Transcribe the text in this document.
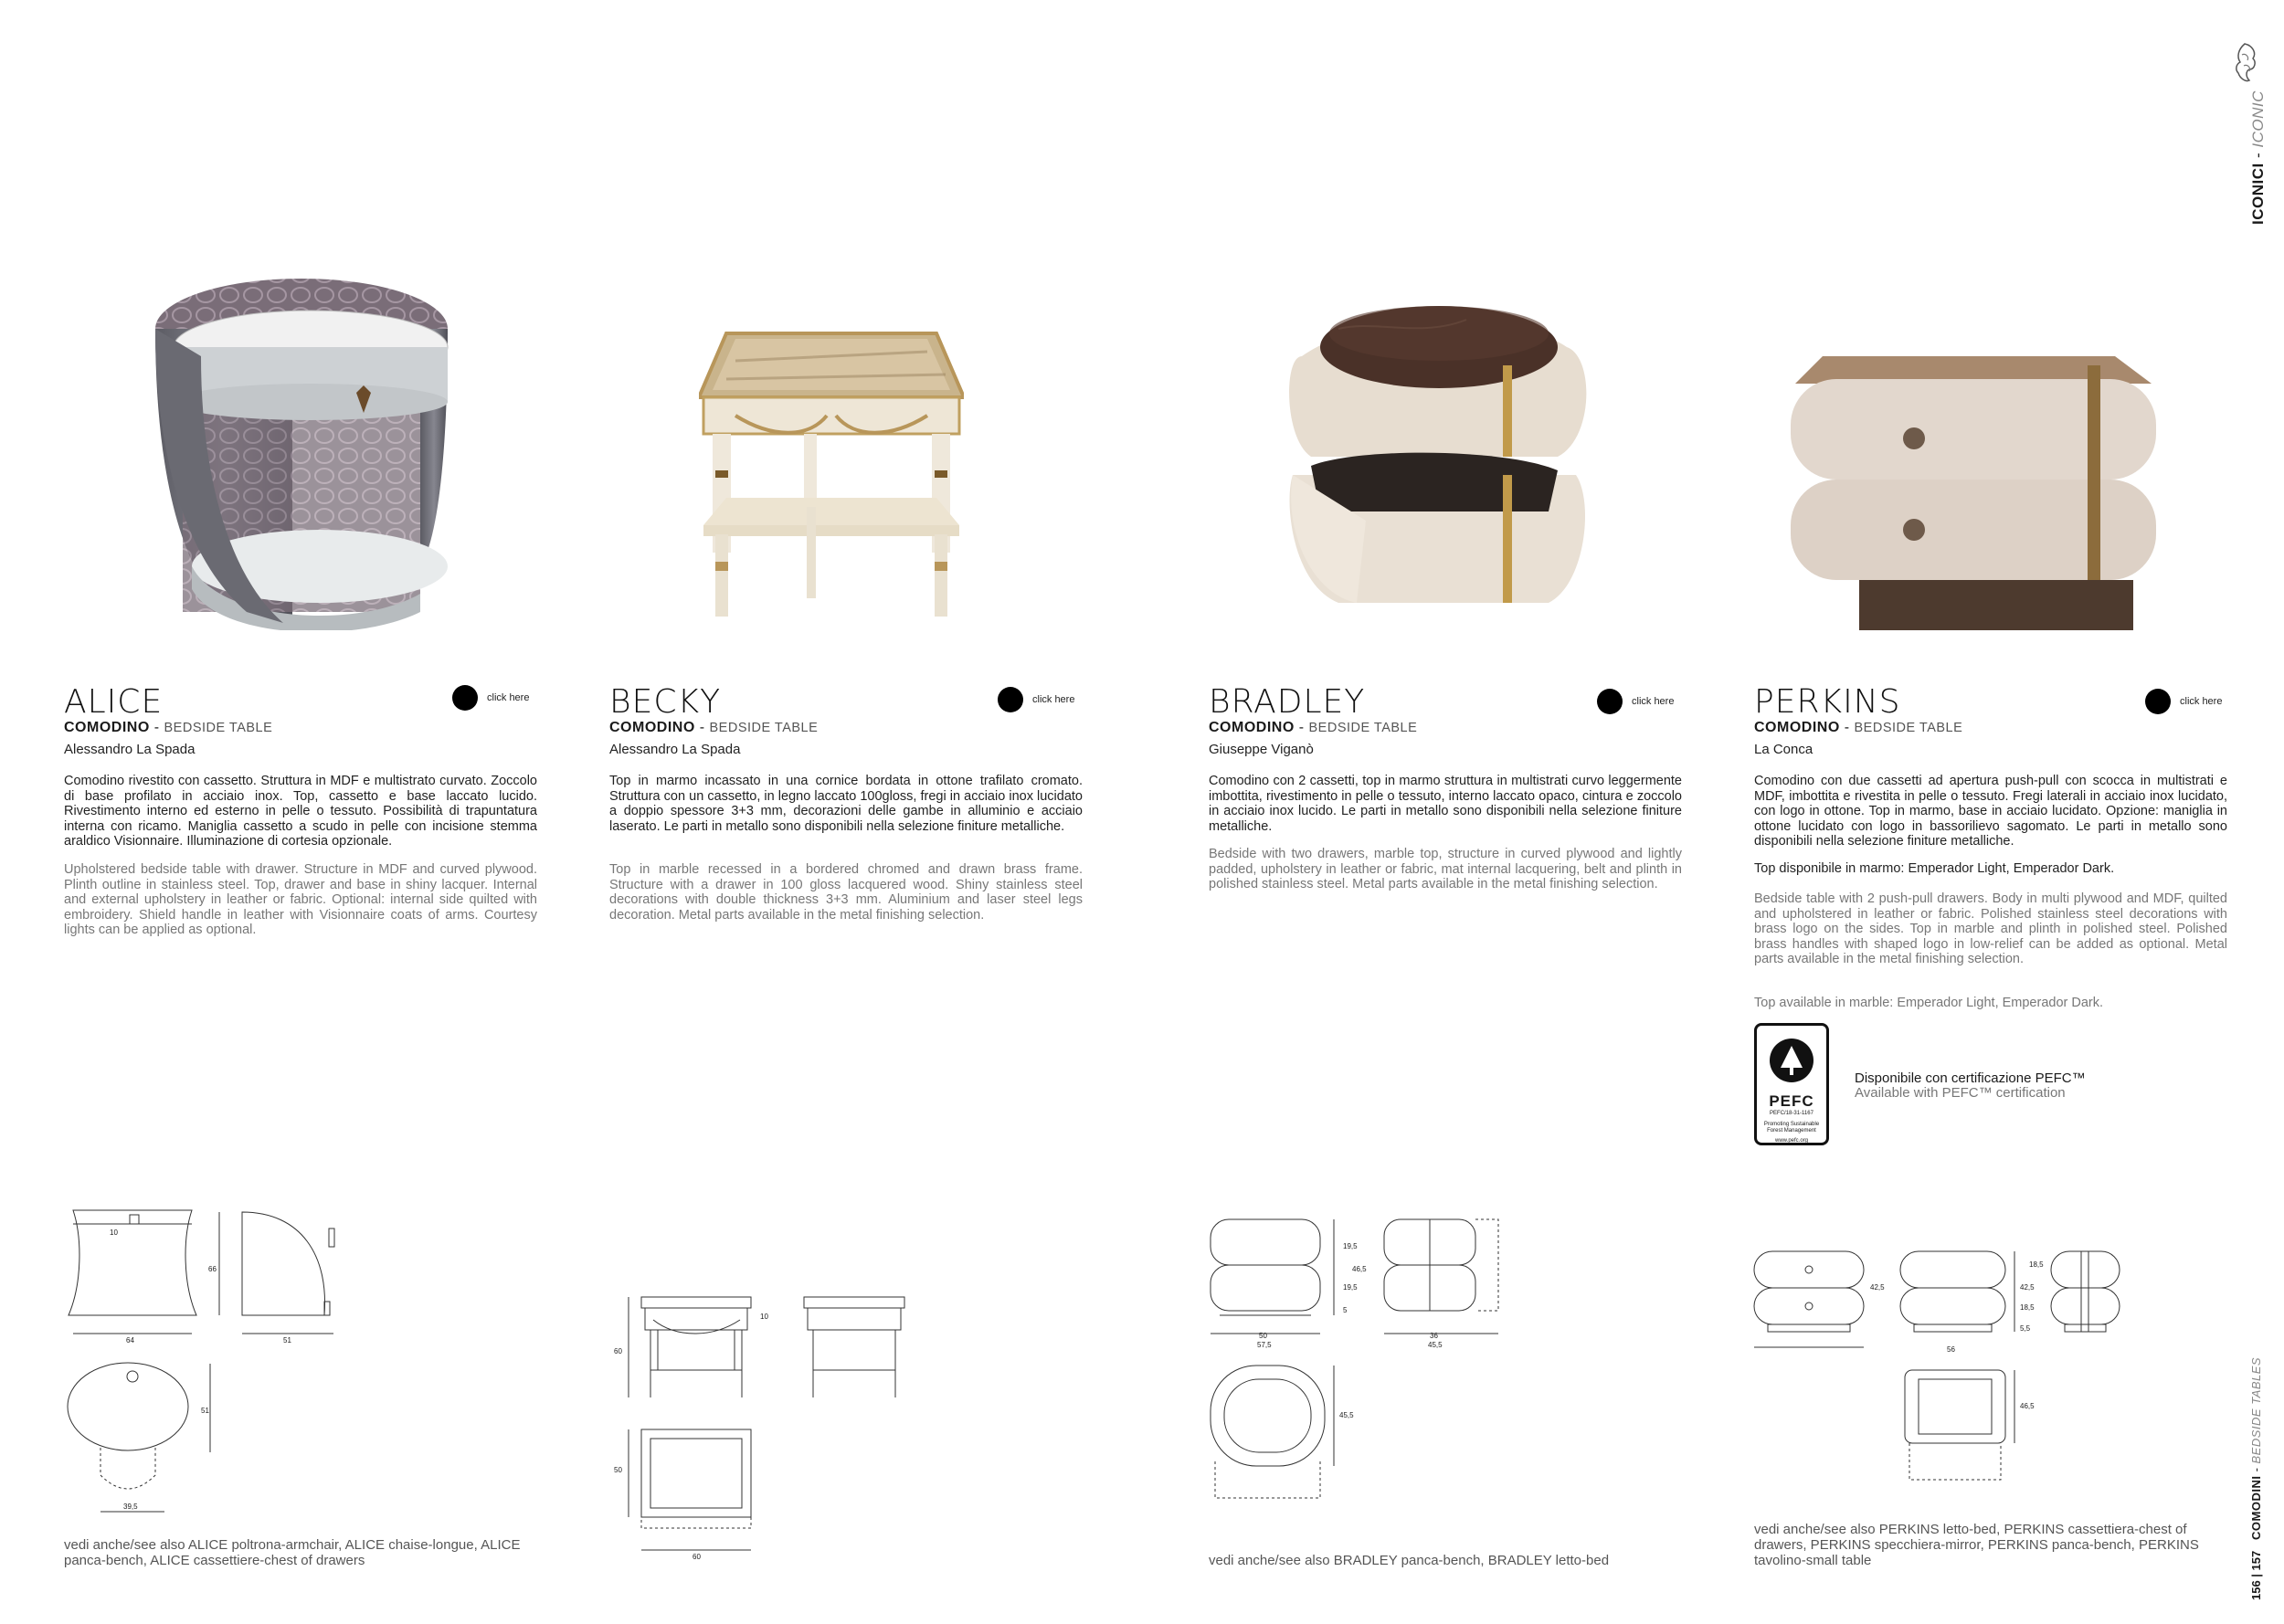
ICONICI - ICONIC
COMODINI - BEDSIDE TABLES
156 | 157
ALICE	click here
COMODINO - BEDSIDE TABLE
Alessandro La Spada
Comodino rivestito con cassetto. Struttura in MDF e multistrato curvato. Zoccolo di base profilato in acciaio inox. Top, cassetto e base laccato lucido. Rivestimento interno ed esterno in pelle o tessuto. Possibilità di trapuntatura interna con ricamo. Maniglia cassetto a scudo in pelle con incisione stemma araldico Visionnaire. Illuminazione di cortesia opzionale.
Upholstered bedside table with drawer. Structure in MDF and curved plywood. Plinth outline in stainless steel. Top, drawer and base in shiny lacquer. Internal and external upholstery in leather or fabric. Optional: internal side quilted with embroidery. Shield handle in leather with Visionnaire coats of arms. Courtesy lights can be applied as optional.
BECKY	click here
COMODINO - BEDSIDE TABLE
Alessandro La Spada
Top in marmo incassato in una cornice bordata in ottone trafilato cromato. Struttura con un cassetto, in legno laccato 100gloss, fregi in acciaio inox lucidato a doppio spessore 3+3 mm, decorazioni delle gambe in alluminio e acciaio laserato. Le parti in metallo sono disponibili nella selezione finiture metalliche.
Top in marble recessed in a bordered chromed and drawn brass frame. Structure with a drawer in 100 gloss lacquered wood. Shiny stainless steel decorations with double thickness 3+3 mm. Aluminium and laser steel legs decoration. Metal parts available in the metal finishing selection.
BRADLEY	click here
COMODINO - BEDSIDE TABLE
Giuseppe Viganò
Comodino con 2 cassetti, top in marmo struttura in multistrati curvo leggermente imbottita, rivestimento in pelle o tessuto, interno laccato opaco, cintura e zoccolo in acciaio inox lucido. Le parti in metallo sono disponibili nella selezione finiture metalliche.
Bedside with two drawers, marble top, structure in curved plywood and lightly padded, upholstery in leather or fabric, mat internal lacquering, belt and plinth in polished stainless steel. Metal parts available in the metal finishing selection.
PERKINS	click here
COMODINO - BEDSIDE TABLE
La Conca
Comodino con due cassetti ad apertura push-pull con scocca in multistrati e MDF, imbottita e rivestita in pelle o tessuto. Fregi laterali in acciaio inox lucidato, con logo in ottone. Top in marmo, base in acciaio lucidato. Opzione: maniglia in ottone lucidato con logo in bassorilievo sagomato. Le parti in metallo sono disponibili nella selezione finiture metalliche.
Top disponibile in marmo: Emperador Light, Emperador Dark.
Bedside table with 2 push-pull drawers. Body in multi plywood and MDF, quilted and upholstered in leather or fabric. Polished stainless steel decorations with brass logo on the sides. Top in marble and plinth in polished steel. Polished brass handles with shaped logo in low-relief can be added as optional. Metal parts available in the metal finishing selection.
Top available in marble: Emperador Light, Emperador Dark.
PEFC
PEFC/18-31-1167
Promoting Sustainable Forest Management
www.pefc.org
Disponibile con certificazione PEFC™
Available with PEFC™ certification
64	51
66
10
51
39,5
vedi anche/see also ALICE poltrona-armchair, ALICE chaise-longue, ALICE panca-bench, ALICE cassettiere-chest of drawers
60
10
50
60
19,5
19,5
46,5
5
50
57,5
36
45,5
45,5
vedi anche/see also BRADLEY panca-bench, BRADLEY letto-bed
42,5	42,5
18,5
18,5
5,5
56
46,5
vedi anche/see also PERKINS letto-bed, PERKINS cassettiera-chest of drawers, PERKINS specchiera-mirror, PERKINS panca-bench, PERKINS tavolino-small table
